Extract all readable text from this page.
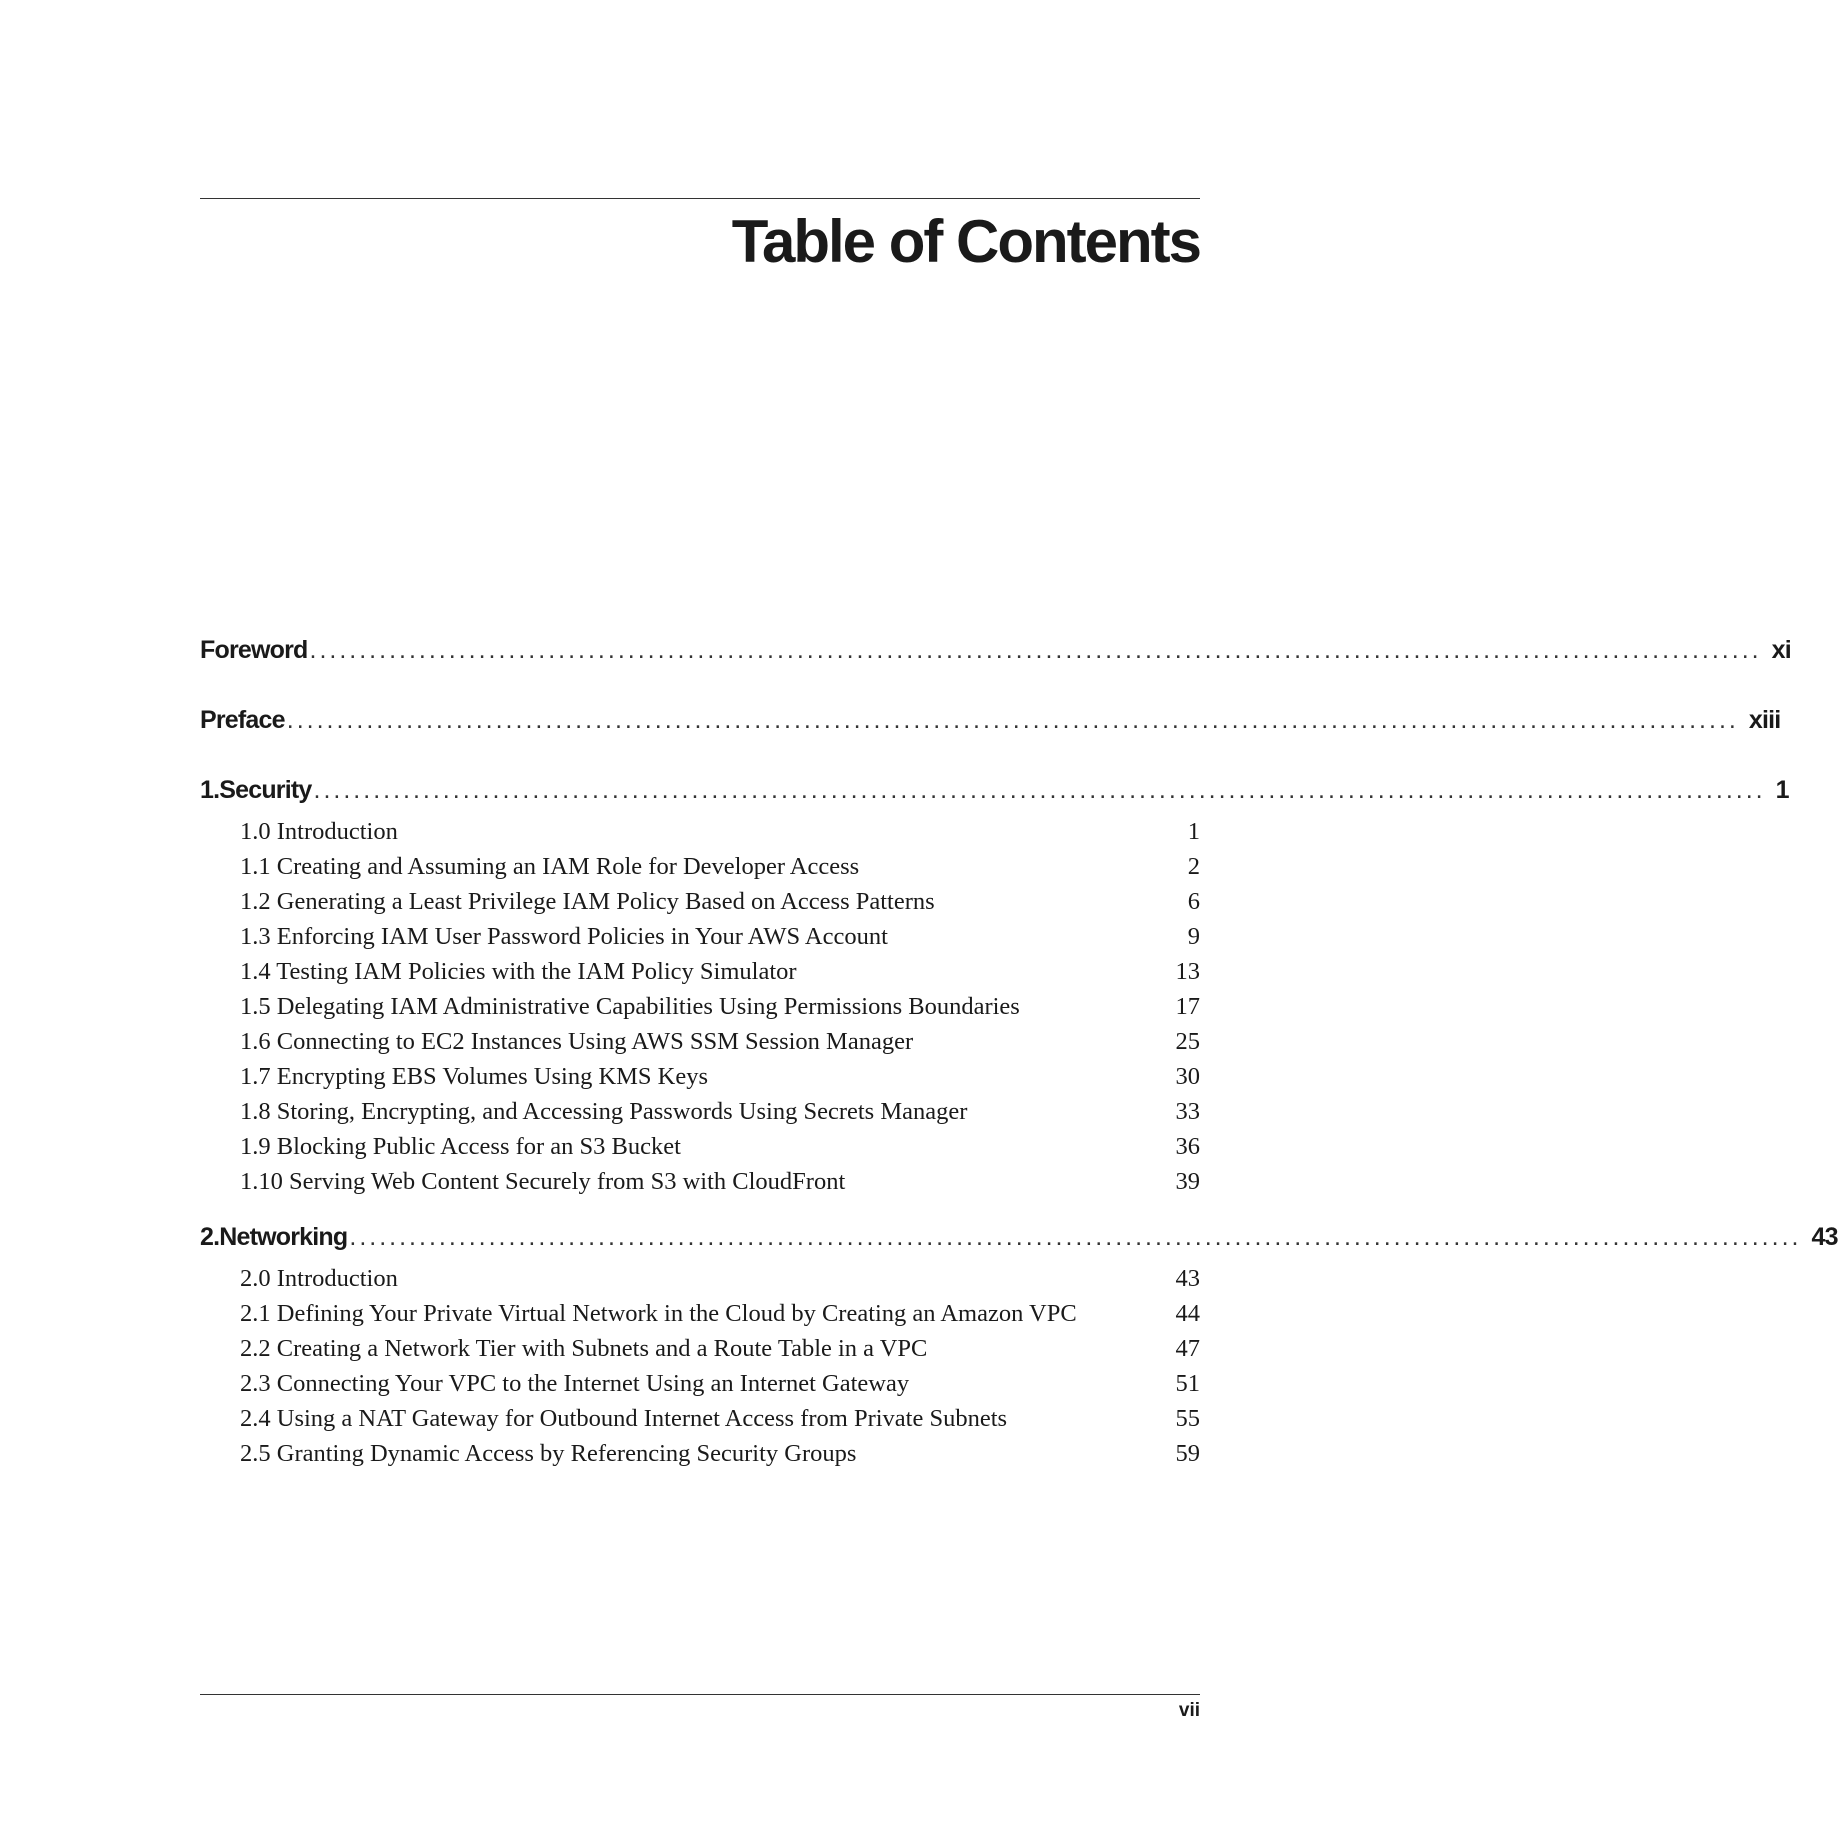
Table of Contents
Foreword .................................................................................................................................................. xi
Preface .................................................................................................................................................. xiii
1. Security .................................................................................................................................................. 1
1.0 Introduction	1
1.1 Creating and Assuming an IAM Role for Developer Access	2
1.2 Generating a Least Privilege IAM Policy Based on Access Patterns	6
1.3 Enforcing IAM User Password Policies in Your AWS Account	9
1.4 Testing IAM Policies with the IAM Policy Simulator	13
1.5 Delegating IAM Administrative Capabilities Using Permissions Boundaries	17
1.6 Connecting to EC2 Instances Using AWS SSM Session Manager	25
1.7 Encrypting EBS Volumes Using KMS Keys	30
1.8 Storing, Encrypting, and Accessing Passwords Using Secrets Manager	33
1.9 Blocking Public Access for an S3 Bucket	36
1.10 Serving Web Content Securely from S3 with CloudFront	39
2. Networking .................................................................................................................................................. 43
2.0 Introduction	43
2.1 Defining Your Private Virtual Network in the Cloud by Creating an Amazon VPC	44
2.2 Creating a Network Tier with Subnets and a Route Table in a VPC	47
2.3 Connecting Your VPC to the Internet Using an Internet Gateway	51
2.4 Using a NAT Gateway for Outbound Internet Access from Private Subnets	55
2.5 Granting Dynamic Access by Referencing Security Groups	59
vii
